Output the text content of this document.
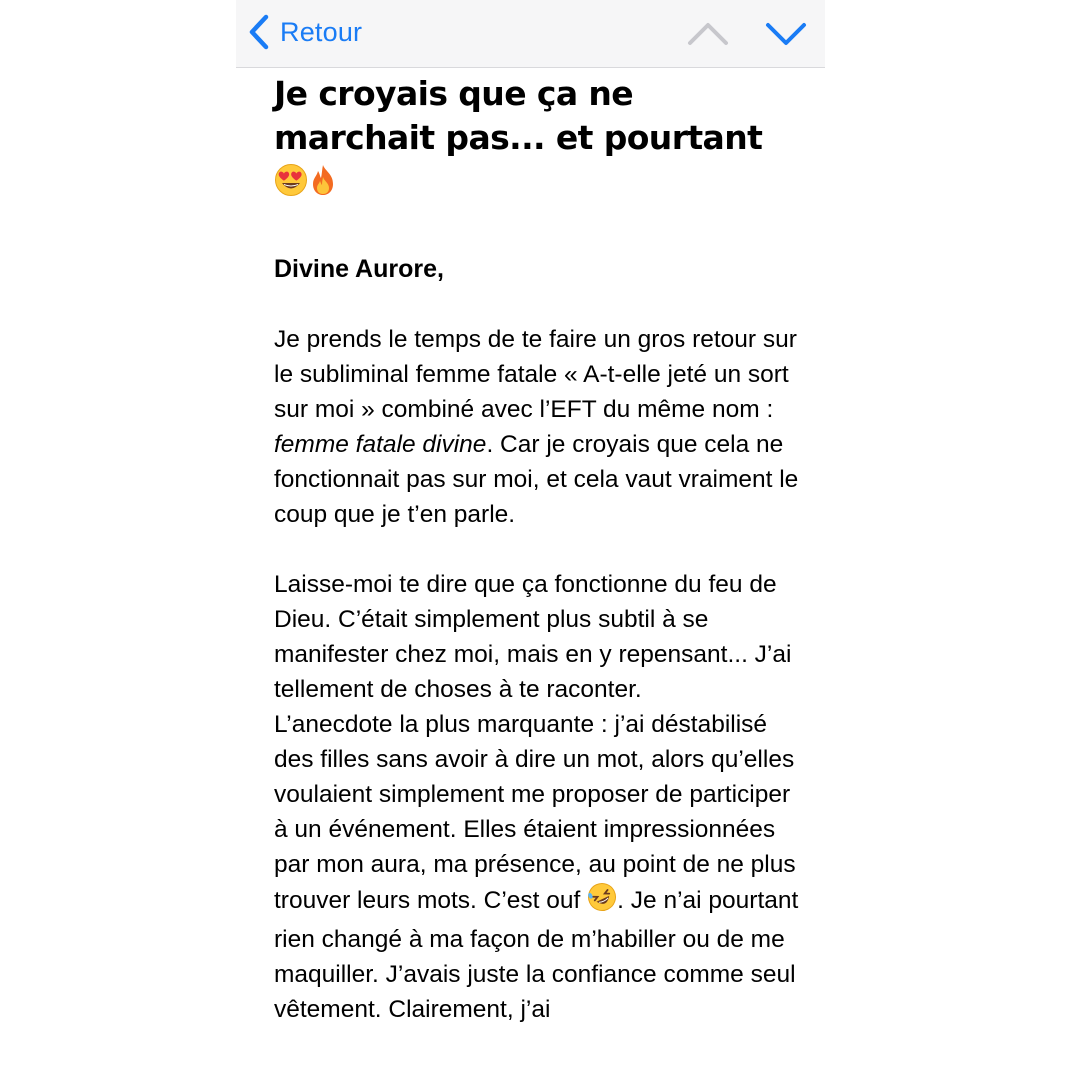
Retour
Je croyais que ça ne marchait pas... et pourtant
Divine Aurore,
Je prends le temps de te faire un gros retour sur le subliminal femme fatale « A-t-elle jeté un sort sur moi » combiné avec l’EFT du même nom : femme fatale divine. Car je croyais que cela ne fonctionnait pas sur moi, et cela vaut vraiment le coup que je t’en parle.
Laisse-moi te dire que ça fonctionne du feu de Dieu. C’était simplement plus subtil à se manifester chez moi, mais en y repensant... J’ai tellement de choses à te raconter.
L’anecdote la plus marquante : j’ai déstabilisé des filles sans avoir à dire un mot, alors qu’elles voulaient simplement me proposer de participer à un événement. Elles étaient impressionnées par mon aura, ma présence, au point de ne plus trouver leurs mots. C’est ouf . Je n’ai pourtant rien changé à ma façon de m’habiller ou de me maquiller. J’avais juste la confiance comme seul vêtement. Clairement, j’ai
